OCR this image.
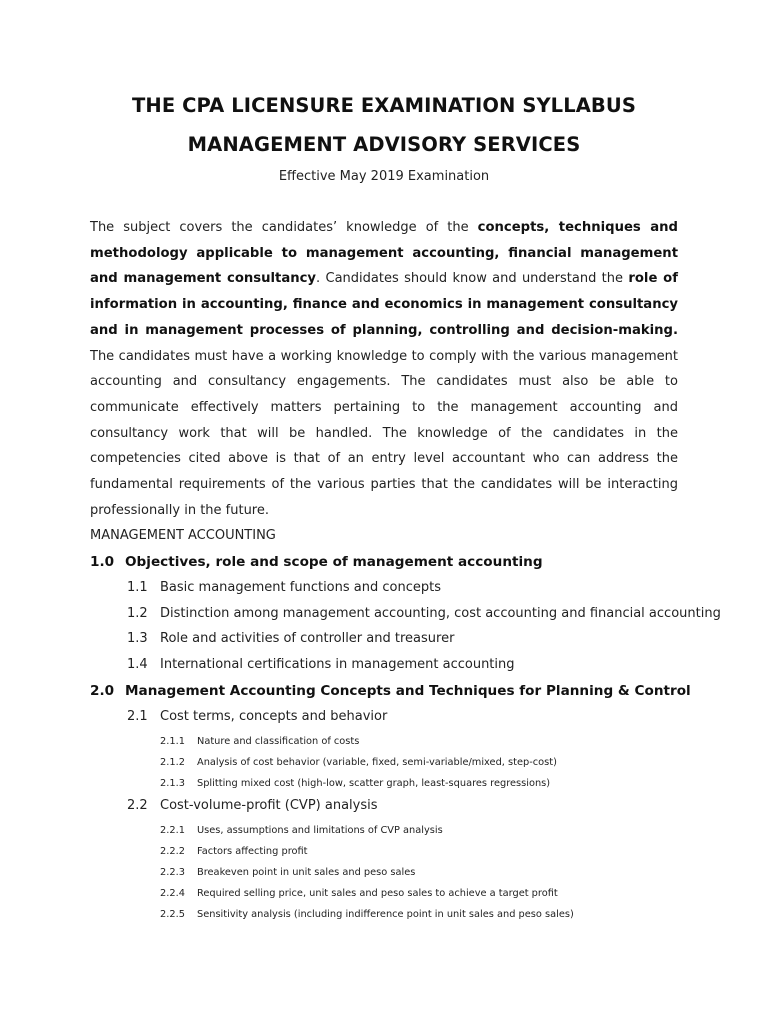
THE CPA LICENSURE EXAMINATION SYLLABUS
MANAGEMENT ADVISORY SERVICES
Effective May 2019 Examination
The subject covers the candidates’ knowledge of the concepts, techniques and methodology applicable to management accounting, financial management and management consultancy. Candidates should know and understand the role of information in accounting, finance and economics in management consultancy and in management processes of planning, controlling and decision-making. The candidates must have a working knowledge to comply with the various management accounting and consultancy engagements. The candidates must also be able to communicate effectively matters pertaining to the management accounting and consultancy work that will be handled. The knowledge of the candidates in the competencies cited above is that of an entry level accountant who can address the fundamental requirements of the various parties that the candidates will be interacting professionally in the future.
MANAGEMENT ACCOUNTING
1.0 Objectives, role and scope of management accounting
1.1 Basic management functions and concepts
1.2 Distinction among management accounting, cost accounting and financial accounting
1.3 Role and activities of controller and treasurer
1.4 International certifications in management accounting
2.0 Management Accounting Concepts and Techniques for Planning & Control
2.1 Cost terms, concepts and behavior
2.1.1 Nature and classification of costs
2.1.2 Analysis of cost behavior (variable, fixed, semi-variable/mixed, step-cost)
2.1.3 Splitting mixed cost (high-low, scatter graph, least-squares regressions)
2.2 Cost-volume-profit (CVP) analysis
2.2.1 Uses, assumptions and limitations of CVP analysis
2.2.2 Factors affecting profit
2.2.3 Breakeven point in unit sales and peso sales
2.2.4 Required selling price, unit sales and peso sales to achieve a target profit
2.2.5 Sensitivity analysis (including indifference point in unit sales and peso sales)
